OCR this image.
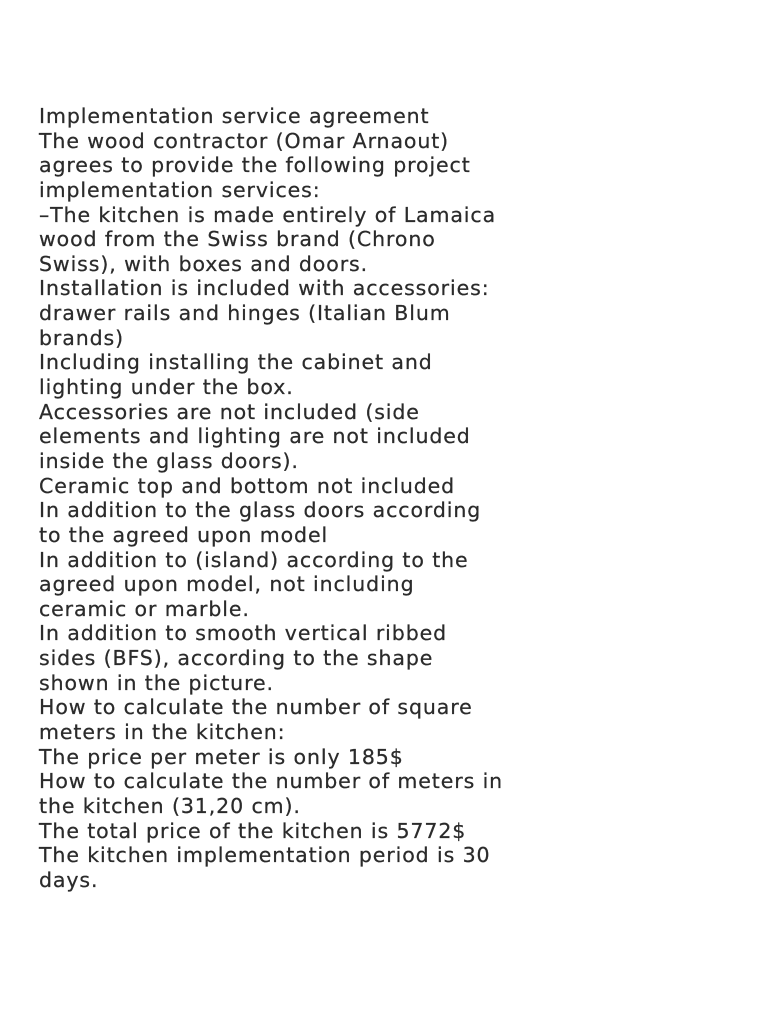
Implementation service agreement
The wood contractor (Omar Arnaout)
agrees to provide the following project
implementation services:
–The kitchen is made entirely of Lamaica
wood from the Swiss brand (Chrono
Swiss), with boxes and doors.
Installation is included with accessories:
drawer rails and hinges (Italian Blum
brands)
Including installing the cabinet and
lighting under the box.
Accessories are not included (side
elements and lighting are not included
inside the glass doors).
Ceramic top and bottom not included
In addition to the glass doors according
to the agreed upon model
In addition to (island) according to the
agreed upon model, not including
ceramic or marble.
In addition to smooth vertical ribbed
sides (BFS), according to the shape
shown in the picture.
How to calculate the number of square
meters in the kitchen:
The price per meter is only 185$
How to calculate the number of meters in
the kitchen (31,20 cm).
The total price of the kitchen is 5772$
The kitchen implementation period is 30
days.
